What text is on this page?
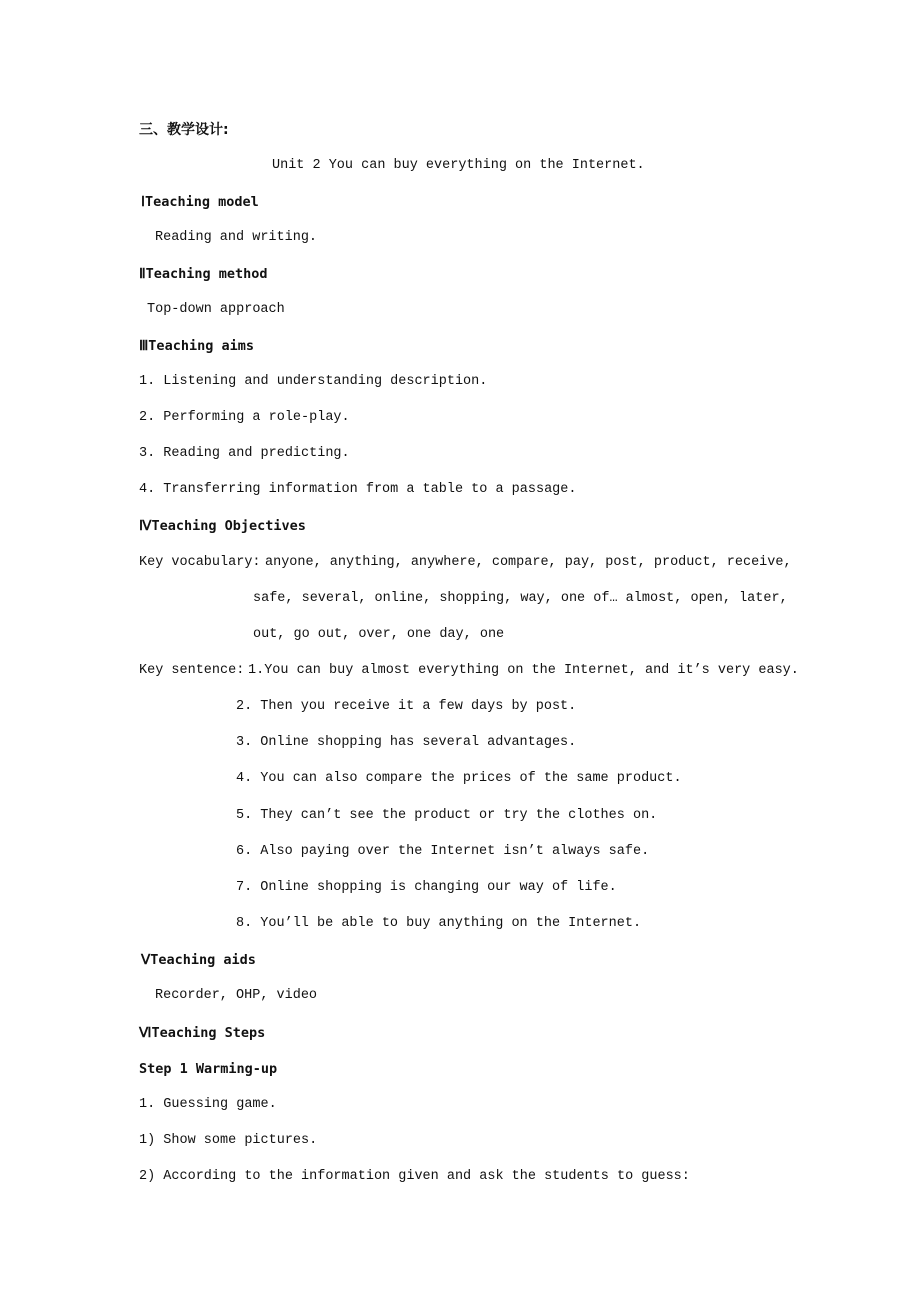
三、教学设计:
Unit 2 You can buy everything on the Internet.
ⅠTeaching model
Reading and writing.
ⅡTeaching method
Top-down approach
ⅢTeaching aims
1. Listening and understanding description.
2. Performing a role-play.
3. Reading and predicting.
4. Transferring information from a table to a passage.
ⅣTeaching Objectives
Key vocabulary: anyone, anything, anywhere, compare, pay, post, product, receive,
safe, several, online, shopping, way, one of… almost, open, later,
out, go out, over, one day, one
Key sentence: 1.You can buy almost everything on the Internet, and it’s very easy.
2. Then you receive it a few days by post.
3. Online shopping has several advantages.
4. You can also compare the prices of the same product.
5. They can’t see the product or try the clothes on.
6. Also paying over the Internet isn’t always safe.
7. Online shopping is changing our way of life.
8. You’ll be able to buy anything on the Internet.
ⅤTeaching aids
Recorder, OHP, video
ⅥTeaching Steps
Step 1 Warming-up
1. Guessing game.
1) Show some pictures.
2) According to the information given and ask the students to guess:
